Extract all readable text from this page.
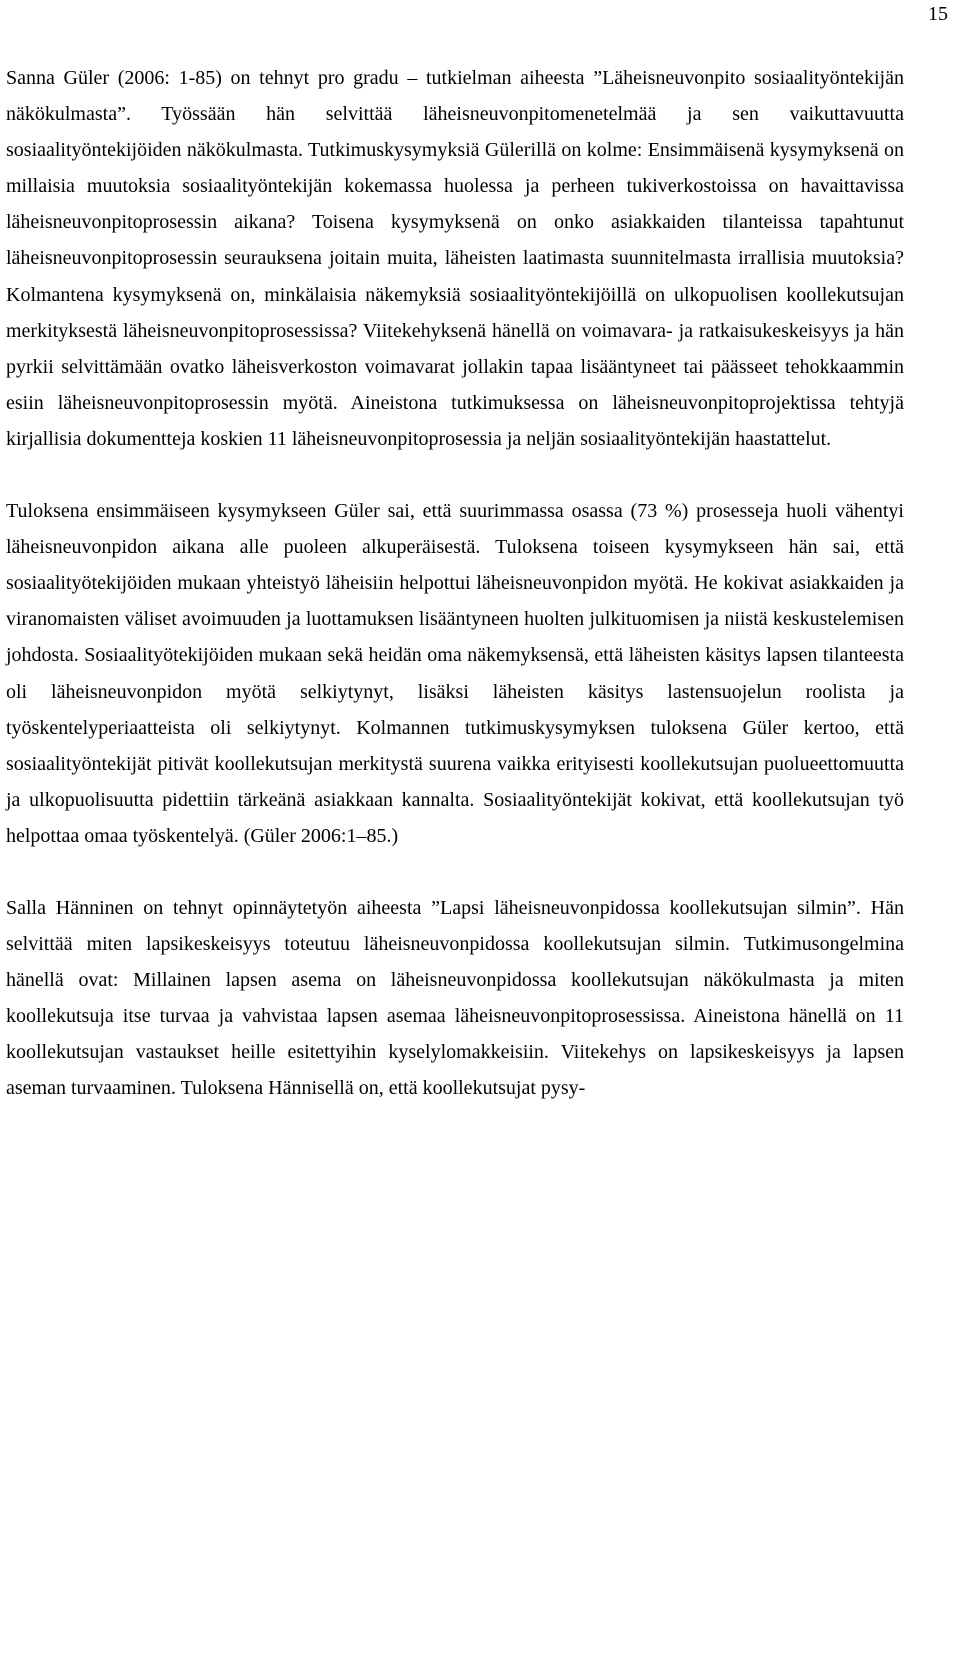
15

Sanna Güler (2006: 1-85) on tehnyt pro gradu – tutkielman aiheesta ”Läheisneuvonpito sosiaalityöntekijän näkökulmasta”. Työssään hän selvittää läheisneuvonpitomenetelmää ja sen vaikuttavuutta sosiaalityöntekijöiden näkökulmasta. Tutkimuskysymyksiä Gülerillä on kolme: Ensimmäisenä kysymyksenä on millaisia muutoksia sosiaalityöntekijän kokemassa huolessa ja perheen tukiverkostoissa on havaittavissa läheisneuvonpitoprosessin aikana? Toisena kysymyksenä on onko asiakkaiden tilanteissa tapahtunut läheisneuvonpitoprosessin seurauksena joitain muita, läheisten laatimasta suunnitelmasta irrallisia muutoksia? Kolmantena kysymyksenä on, minkälaisia näkemyksiä sosiaalityöntekijöillä on ulkopuolisen koollekutsujan merkityksestä läheisneuvonpitoprosessissa? Viitekehyksenä hänellä on voimavara- ja ratkaisukeskeisyys ja hän pyrkii selvittämään ovatko läheisverkoston voimavarat jollakin tapaa lisääntyneet tai päässeet tehokkaammin esiin läheisneuvonpitoprosessin myötä. Aineistona tutkimuksessa on läheisneuvonpitoprojektissa tehtyjä kirjallisia dokumentteja koskien 11 läheisneuvonpitoprosessia ja neljän sosiaalityöntekijän haastattelut.

Tuloksena ensimmäiseen kysymykseen Güler sai, että suurimmassa osassa (73 %) prosesseja huoli vähentyi läheisneuvonpidon aikana alle puoleen alkuperäisestä. Tuloksena toiseen kysymykseen hän sai, että sosiaalityötekijöiden mukaan yhteistyö läheisiin helpottui läheisneuvonpidon myötä. He kokivat asiakkaiden ja viranomaisten väliset avoimuuden ja luottamuksen lisääntyneen huolten julkituomisen ja niistä keskustelemisen johdosta. Sosiaalityötekijöiden mukaan sekä heidän oma näkemyksensä, että läheisten käsitys lapsen tilanteesta oli läheisneuvonpidon myötä selkiytynyt, lisäksi läheisten käsitys lastensuojelun roolista ja työskentelyperiaatteista oli selkiytynyt. Kolmannen tutkimuskysymyksen tuloksena Güler kertoo, että sosiaalityöntekijät pitivät koollekutsujan merkitystä suurena vaikka erityisesti koollekutsujan puolueettomuutta ja ulkopuolisuutta pidettiin tärkeänä asiakkaan kannalta. Sosiaalityöntekijät kokivat, että koollekutsujan työ helpottaa omaa työskentelyä. (Güler 2006:1–85.)

Salla Hänninen on tehnyt opinnäytetyön aiheesta ”Lapsi läheisneuvonpidossa koollekutsujan silmin”. Hän selvittää miten lapsikeskeisyys toteutuu läheisneuvonpidossa koollekutsujan silmin. Tutkimusongelmina hänellä ovat: Millainen lapsen asema on läheisneuvonpidossa koollekutsujan näkökulmasta ja miten koollekutsuja itse turvaa ja vahvistaa lapsen asemaa läheisneuvonpitoprosessissa. Aineistona hänellä on 11 koollekutsujan vastaukset heille esitettyihin kyselylomakkeisiin. Viitekehys on lapsikeskeisyys ja lapsen aseman turvaaminen. Tuloksena Hännisellä on, että koollekutsujat pysy-
